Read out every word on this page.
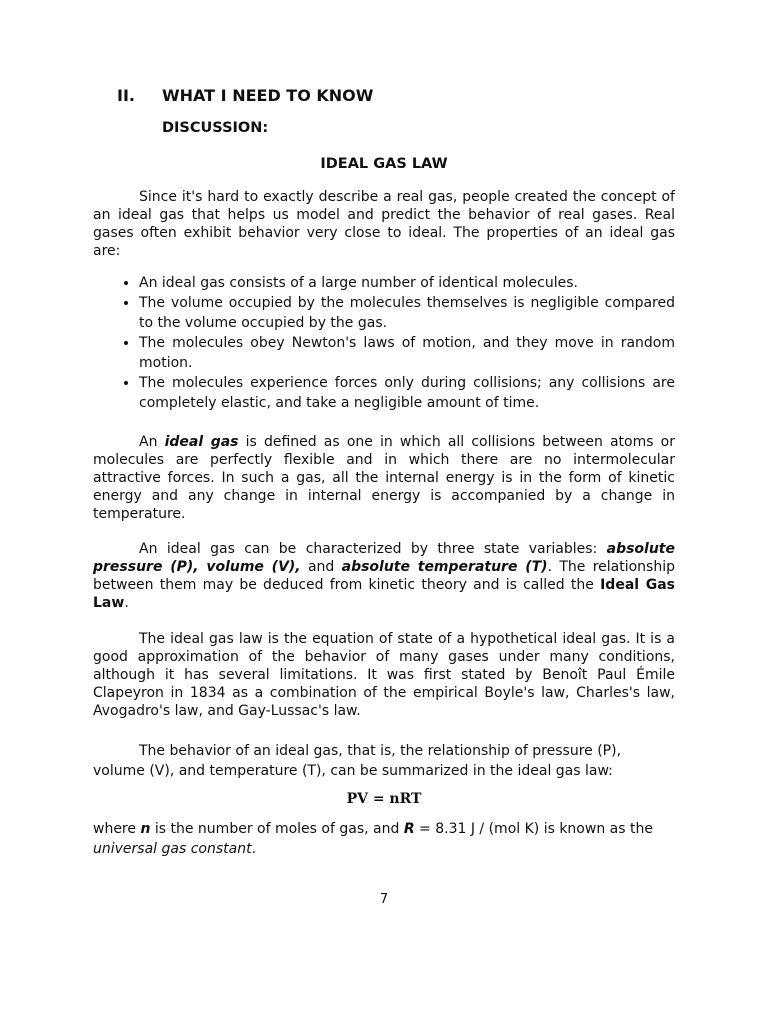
II.	WHAT I NEED TO KNOW
DISCUSSION:
IDEAL GAS LAW

Since it's hard to exactly describe a real gas, people created the concept of an ideal gas that helps us model and predict the behavior of real gases. Real gases often exhibit behavior very close to ideal. The properties of an ideal gas are:

• An ideal gas consists of a large number of identical molecules.
• The volume occupied by the molecules themselves is negligible compared to the volume occupied by the gas.
• The molecules obey Newton's laws of motion, and they move in random motion.
• The molecules experience forces only during collisions; any collisions are completely elastic, and take a negligible amount of time.

An ideal gas is defined as one in which all collisions between atoms or molecules are perfectly flexible and in which there are no intermolecular attractive forces. In such a gas, all the internal energy is in the form of kinetic energy and any change in internal energy is accompanied by a change in temperature.

An ideal gas can be characterized by three state variables: absolute pressure (P), volume (V), and absolute temperature (T). The relationship between them may be deduced from kinetic theory and is called the Ideal Gas Law.

The ideal gas law is the equation of state of a hypothetical ideal gas. It is a good approximation of the behavior of many gases under many conditions, although it has several limitations. It was first stated by Benoît Paul Émile Clapeyron in 1834 as a combination of the empirical Boyle's law, Charles's law, Avogadro's law, and Gay-Lussac's law.

The behavior of an ideal gas, that is, the relationship of pressure (P), volume (V), and temperature (T), can be summarized in the ideal gas law:

PV = nRT

where n is the number of moles of gas, and R = 8.31 J / (mol K) is known as the universal gas constant.

7
